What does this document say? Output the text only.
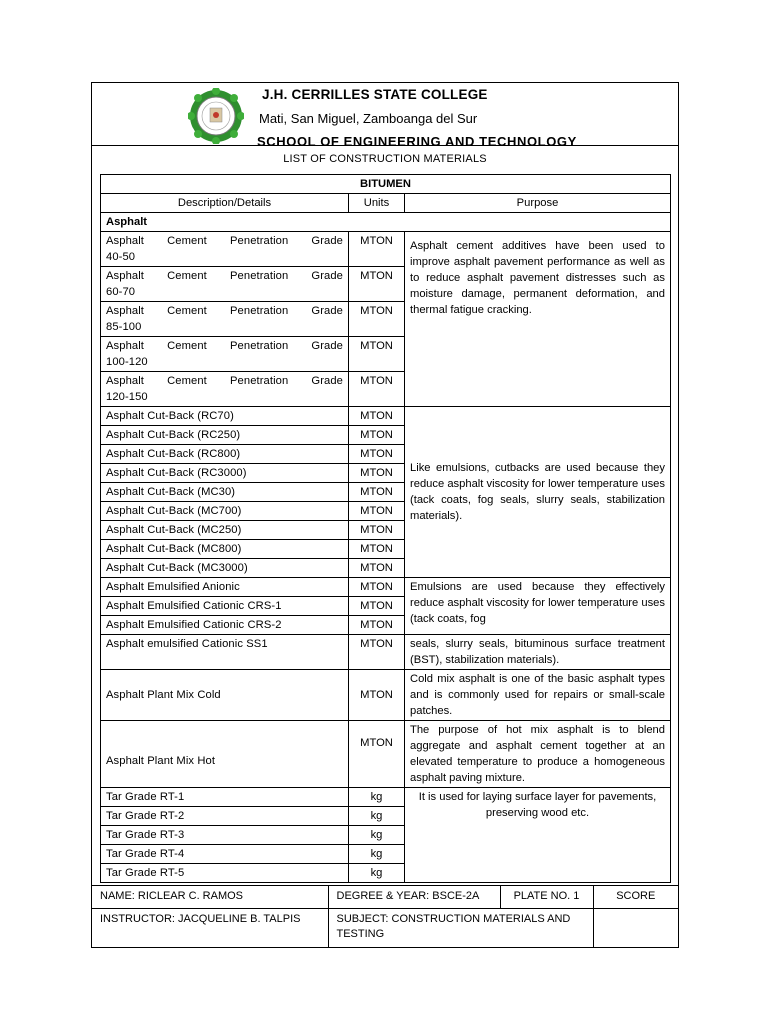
J.H. CERRILLES STATE COLLEGE
Mati, San Miguel, Zamboanga del Sur
SCHOOL OF ENGINEERING AND TECHNOLOGY
LIST OF CONSTRUCTION MATERIALS
BITUMEN		
Description/Details	Units	Purpose
Asphalt		

Asphalt Cement Penetration Grade
40-50	MTON	Asphalt cement additives have been used to improve asphalt pavement performance as well as to reduce asphalt pavement distresses such as moisture damage, permanent deformation, and thermal fatigue cracking.

Asphalt Cement Penetration Grade
60-70	MTON	

Asphalt Cement Penetration Grade
85-100	MTON	

Asphalt Cement Penetration Grade
100-120	MTON	

Asphalt Cement Penetration Grade
120-150	MTON	
Asphalt Cut-Back (RC70)	MTON	Like emulsions, cutbacks are used because they reduce asphalt viscosity for lower temperature uses (tack coats, fog seals, slurry seals, stabilization materials).
Asphalt Cut-Back (RC250)	MTON	
Asphalt Cut-Back (RC800)	MTON	
Asphalt Cut-Back (RC3000)	MTON	
Asphalt Cut-Back (MC30)	MTON	
Asphalt Cut-Back (MC700)	MTON	
Asphalt Cut-Back (MC250)	MTON	
Asphalt Cut-Back (MC800)	MTON	
Asphalt Cut-Back (MC3000)	MTON	
Asphalt Emulsified Anionic	MTON	Emulsions are used because they effectively reduce asphalt viscosity for lower temperature uses (tack coats, fog
Asphalt Emulsified Cationic CRS-1	MTON	
Asphalt Emulsified Cationic CRS-2	MTON	
Asphalt emulsified Cationic SS1	MTON	seals, slurry seals, bituminous surface treatment (BST), stabilization materials).
Asphalt Plant Mix Cold	MTON	Cold mix asphalt is one of the basic asphalt types and is commonly used for repairs or small-scale patches.
Asphalt Plant Mix Hot	MTON	The purpose of hot mix asphalt is to blend aggregate and asphalt cement together at an elevated temperature to produce a homogeneous asphalt paving mixture.
Tar Grade RT-1	kg	It is used for laying surface layer for pavements, preserving wood etc.
Tar Grade RT-2	kg	
Tar Grade RT-3	kg	
Tar Grade RT-4	kg	
Tar Grade RT-5	kg	
NAME: RICLEAR C. RAMOS	DEGREE & YEAR: BSCE-2A	PLATE NO. 1	SCORE
INSTRUCTOR: JACQUELINE B. TALPIS	SUBJECT: CONSTRUCTION MATERIALS AND TESTING		
